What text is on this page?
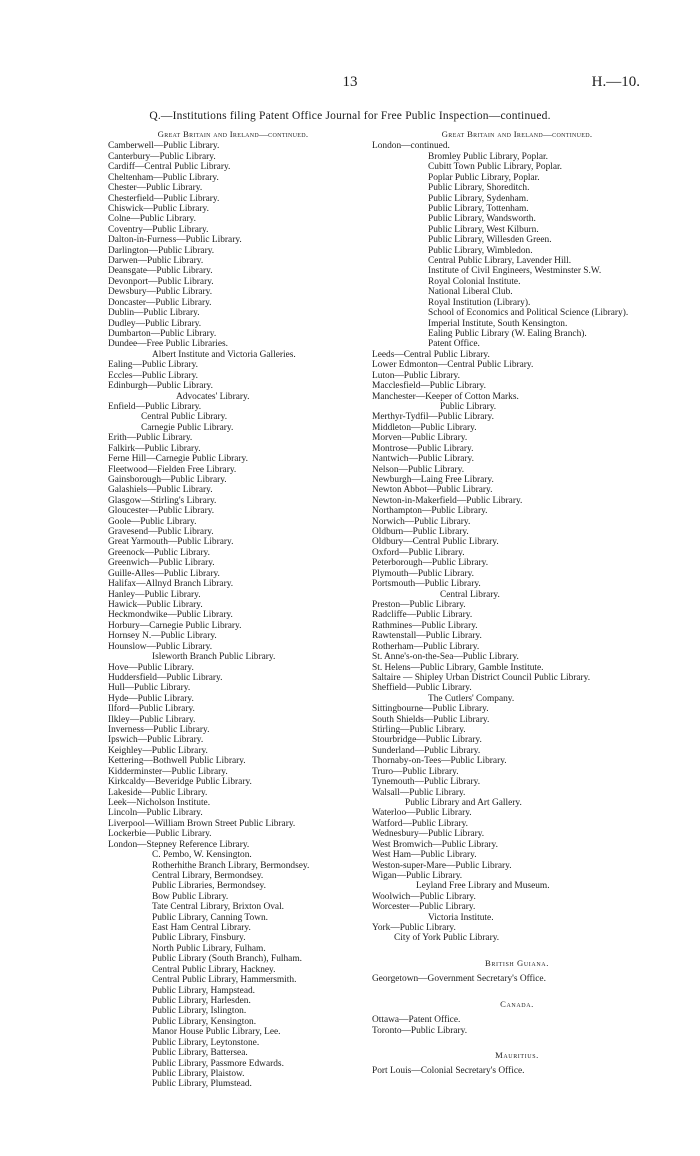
13	H.—10.
Q.—Institutions filing Patent Office Journal for Free Public Inspection—continued.
Great Britain and Ireland—continued.
Camberwell—Public Library.
Canterbury—Public Library.
Cardiff—Central Public Library.
Cheltenham—Public Library.
Chester—Public Library.
Chesterfield—Public Library.
Chiswick—Public Library.
Colne—Public Library.
Coventry—Public Library.
Dalton-in-Furness—Public Library.
Darlington—Public Library.
Darwen—Public Library.
Deansgate—Public Library.
Devonport—Public Library.
Dewsbury—Public Library.
Doncaster—Public Library.
Dublin—Public Library.
Dudley—Public Library.
Dumbarton—Public Library.
Dundee—Free Public Libraries.
Albert Institute and Victoria Galleries.
Ealing—Public Library.
Eccles—Public Library.
Edinburgh—Public Library.
Advocates' Library.
Enfield—Public Library.
Central Public Library.
Carnegie Public Library.
Erith—Public Library.
Falkirk—Public Library.
Ferne Hill—Carnegie Public Library.
Fleetwood—Fielden Free Library.
Gainsborough—Public Library.
Galashiels—Public Library.
Glasgow—Stirling's Library.
Gloucester—Public Library.
Goole—Public Library.
Gravesend—Public Library.
Great Yarmouth—Public Library.
Greenock—Public Library.
Greenwich—Public Library.
Guille-Alles—Public Library.
Halifax—Allnyd Branch Library.
Hanley—Public Library.
Hawick—Public Library.
Heckmondwike—Public Library.
Horbury—Carnegie Public Library.
Hornsey N.—Public Library.
Hounslow—Public Library.
Isleworth Branch Public Library.
Hove—Public Library.
Huddersfield—Public Library.
Hull—Public Library.
Hyde—Public Library.
Ilford—Public Library.
Ilkley—Public Library.
Inverness—Public Library.
Ipswich—Public Library.
Keighley—Public Library.
Kettering—Bothwell Public Library.
Kidderminster—Public Library.
Kirkcaldy—Beveridge Public Library.
Lakeside—Public Library.
Leek—Nicholson Institute.
Lincoln—Public Library.
Liverpool—William Brown Street Public Library.
Lockerbie—Public Library.
London—Stepney Reference Library.
C. Pembo, W. Kensington.
Rotherhithe Branch Library, Bermondsey.
Central Library, Bermondsey.
Public Libraries, Bermondsey.
Bow Public Library.
Tate Central Library, Brixton Oval.
Public Library, Canning Town.
East Ham Central Library.
Public Library, Finsbury.
North Public Library, Fulham.
Public Library (South Branch), Fulham.
Central Public Library, Hackney.
Central Public Library, Hammersmith.
Public Library, Hampstead.
Public Library, Harlesden.
Public Library, Islington.
Public Library, Kensington.
Manor House Public Library, Lee.
Public Library, Leytonstone.
Public Library, Battersea.
Public Library, Passmore Edwards.
Public Library, Plaistow.
Public Library, Plumstead.
Great Britain and Ireland—continued.
London—continued.
Bromley Public Library, Poplar.
Cubitt Town Public Library, Poplar.
Poplar Public Library, Poplar.
Public Library, Shoreditch.
Public Library, Sydenham.
Public Library, Tottenham.
Public Library, Wandsworth.
Public Library, West Kilburn.
Public Library, Willesden Green.
Public Library, Wimbledon.
Central Public Library, Lavender Hill.
Institute of Civil Engineers, Westminster S.W.
Royal Colonial Institute.
National Liberal Club.
Royal Institution (Library).
School of Economics and Political Science (Library).
Imperial Institute, South Kensington.
Ealing Public Library (W. Ealing Branch).
Patent Office.
Leeds—Central Public Library.
Lower Edmonton—Central Public Library.
Luton—Public Library.
Macclesfield—Public Library.
Manchester—Keeper of Cotton Marks.
Public Library.
Merthyr-Tydfil—Public Library.
Middleton—Public Library.
Morven—Public Library.
Montrose—Public Library.
Nantwich—Public Library.
Nelson—Public Library.
Newburgh—Laing Free Library.
Newton Abbot—Public Library.
Newton-in-Makerfield—Public Library.
Northampton—Public Library.
Norwich—Public Library.
Oldburn—Public Library.
Oldbury—Central Public Library.
Oxford—Public Library.
Peterborough—Public Library.
Plymouth—Public Library.
Portsmouth—Public Library.
Central Library.
Preston—Public Library.
Radcliffe—Public Library.
Rathmines—Public Library.
Rawtenstall—Public Library.
Rotherham—Public Library.
St. Anne's-on-the-Sea—Public Library.
St. Helens—Public Library, Gamble Institute.
Saltaire — Shipley Urban District Council Public Library.
Sheffield—Public Library.
The Cutlers' Company.
Sittingbourne—Public Library.
South Shields—Public Library.
Stirling—Public Library.
Stourbridge—Public Library.
Sunderland—Public Library.
Thornaby-on-Tees—Public Library.
Truro—Public Library.
Tynemouth—Public Library.
Walsall—Public Library.
Public Library and Art Gallery.
Waterloo—Public Library.
Watford—Public Library.
Wednesbury—Public Library.
West Bromwich—Public Library.
West Ham—Public Library.
Weston-super-Mare—Public Library.
Wigan—Public Library.
Leyland Free Library and Museum.
Woolwich—Public Library.
Worcester—Public Library.
Victoria Institute.
York—Public Library.
City of York Public Library.
British Guiana.
Georgetown—Government Secretary's Office.
Canada.
Ottawa—Patent Office.
Toronto—Public Library.
Mauritius.
Port Louis—Colonial Secretary's Office.
